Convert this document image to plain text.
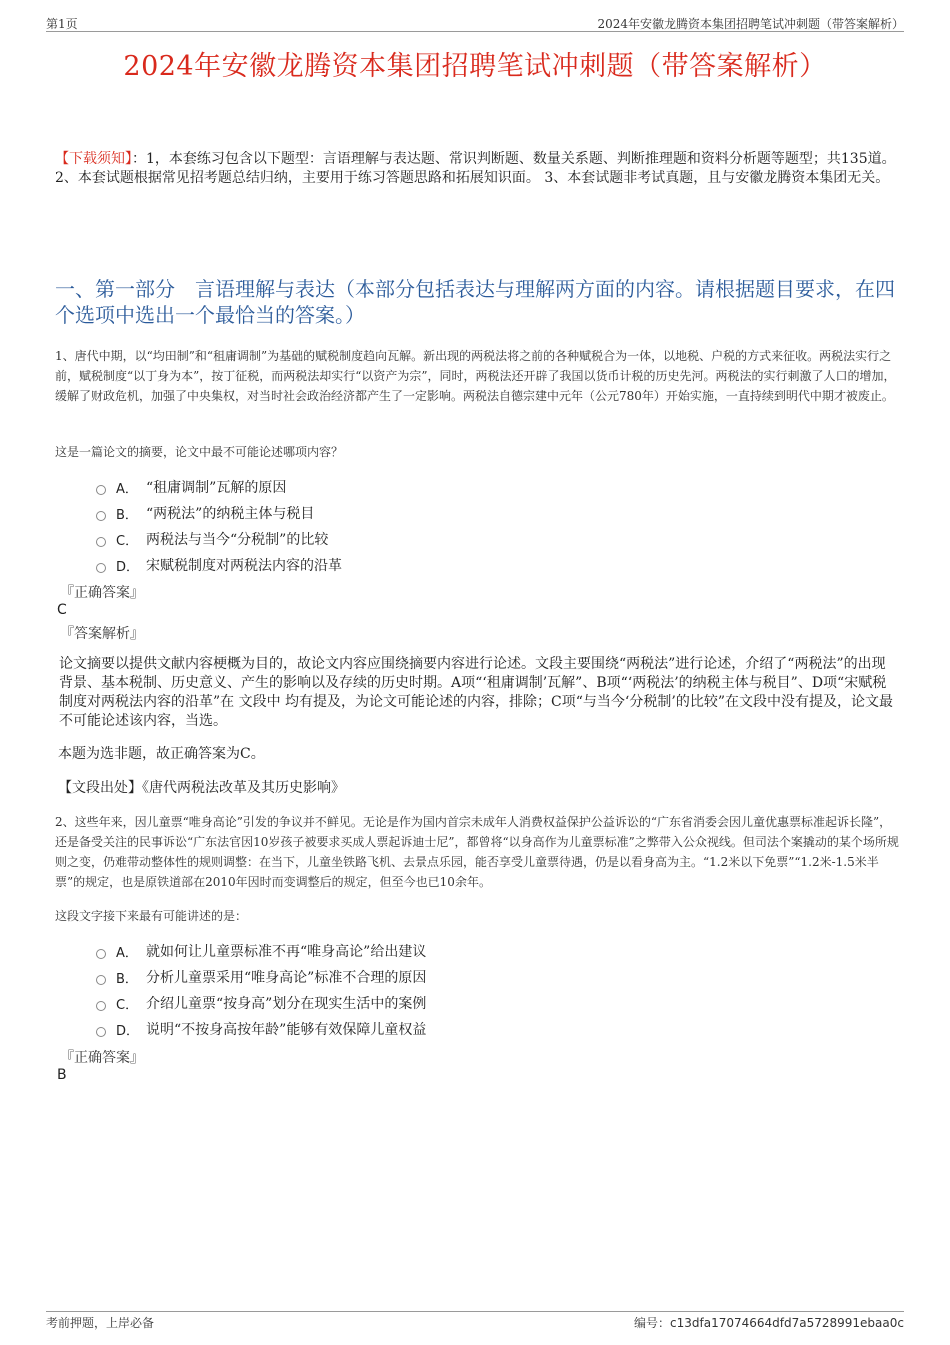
第1页	2024年安徽龙腾资本集团招聘笔试冲刺题（带答案解析）
2024年安徽龙腾资本集团招聘笔试冲刺题（带答案解析）
【下载须知】：1，本套练习包含以下题型：言语理解与表达题、常识判断题、数量关系题、判断推理题和资料分析题等题型；共135道。 2、本套试题根据常见招考题总结归纳，主要用于练习答题思路和拓展知识面。 3、本套试题非考试真题，且与安徽龙腾资本集团无关。
一、第一部分　言语理解与表达（本部分包括表达与理解两方面的内容。请根据题目要求，在四个选项中选出一个最恰当的答案。）
1、唐代中期，以“均田制”和“租庸调制”为基础的赋税制度趋向瓦解。新出现的两税法将之前的各种赋税合为一体，以地税、户税的方式来征收。两税法实行之前，赋税制度“以丁身为本”，按丁征税，而两税法却实行“以资产为宗”，同时，两税法还开辟了我国以货币计税的历史先河。两税法的实行刺激了人口的增加，缓解了财政危机，加强了中央集权，对当时社会政治经济都产生了一定影响。两税法自德宗建中元年（公元780年）开始实施，一直持续到明代中期才被废止。
这是一篇论文的摘要，论文中最不可能论述哪项内容？
A． “租庸调制”瓦解的原因
B． “两税法”的纳税主体与税目
C． 两税法与当今“分税制”的比较
D． 宋赋税制度对两税法内容的沿革
『正确答案』
C
『答案解析』
论文摘要以提供文献内容梗概为目的，故论文内容应围绕摘要内容进行论述。文段主要围绕“两税法”进行论述，介绍了“两税法”的出现背景、基本税制、历史意义、产生的影响以及存续的历史时期。A项“‘租庸调制’瓦解”、B项“‘两税法’的纳税主体与税目”、D项“宋赋税制度对两税法内容的沿革”在 文段中 均有提及，为论文可能论述的内容，排除；C项“与当今‘分税制’的比较”在文段中没有提及，论文最不可能论述该内容，当选。
本题为选非题，故正确答案为C。
【文段出处】《唐代两税法改革及其历史影响》
2、这些年来，因儿童票“唯身高论”引发的争议并不鲜见。无论是作为国内首宗未成年人消费权益保护公益诉讼的“广东省消委会因儿童优惠票标准起诉长隆”，还是备受关注的民事诉讼“广东法官因10岁孩子被要求买成人票起诉迪士尼”，都曾将“以身高作为儿童票标准”之弊带入公众视线。但司法个案撬动的某个场所规则之变，仍难带动整体性的规则调整：在当下，儿童坐铁路飞机、去景点乐园，能否享受儿童票待遇，仍是以看身高为主。“1.2米以下免票”“1.2米-1.5米半票”的规定，也是原铁道部在2010年因时而变调整后的规定，但至今也已10余年。
这段文字接下来最有可能讲述的是：
A． 就如何让儿童票标准不再“唯身高论”给出建议
B． 分析儿童票采用“唯身高论”标准不合理的原因
C． 介绍儿童票“按身高”划分在现实生活中的案例
D． 说明“不按身高按年龄”能够有效保障儿童权益
『正确答案』
B
考前押题，上岸必备	编号：c13dfa17074664dfd7a5728991ebaa0c
